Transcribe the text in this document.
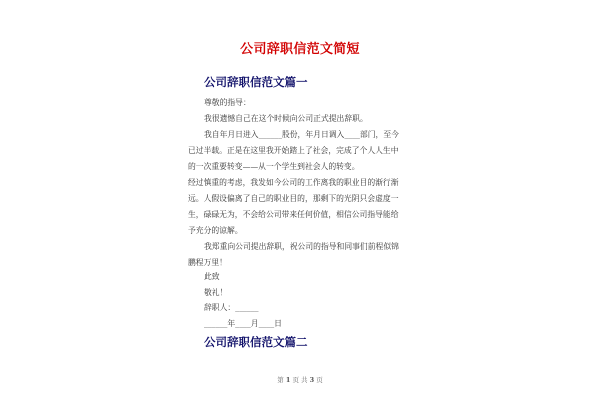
公司辞职信范文简短
公司辞职信范文篇一
尊敬的指导：
我很遗憾自己在这个时候向公司正式提出辞职。
我自年月日进入______股份，年月日调入____部门，至今
已过半载。正是在这里我开始踏上了社会，完成了个人人生中
的一次重要转变——从一个学生到社会人的转变。
经过慎重的考虑，我发如今公司的工作离我的职业目的渐行渐
远。人假设偏离了自己的职业目的，那剩下的光阴只会虚度一
生，碌碌无为，不会给公司带来任何价值，相信公司指导能给
予充分的谅解。
我郑重向公司提出辞职，祝公司的指导和同事们前程似锦
鹏程万里！
此致
敬礼！
辞职人：______
______年____月____日
公司辞职信范文篇二
第 1 页 共 3 页
